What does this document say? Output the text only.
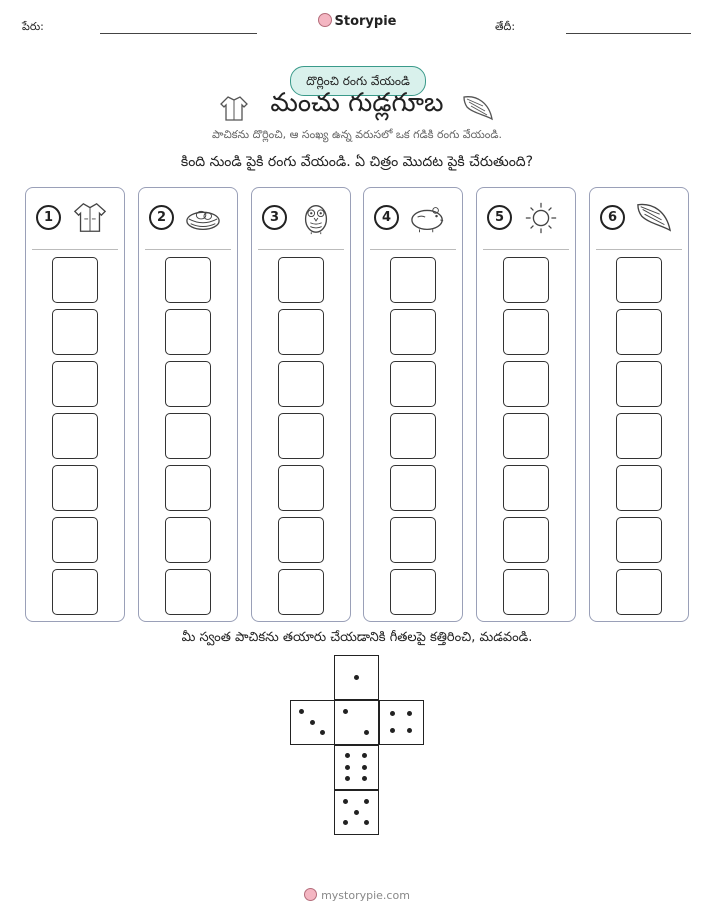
పేరు:	Storypie	తేదీ:
దొర్లించి రంగు వేయండి
మంచు గుడ్లగూబ
పాచికను దొర్లించి, ఆ సంఖ్య ఉన్న వరుసలో ఒక గడికి రంగు వేయండి.
కింది నుండి పైకి రంగు వేయండి. ఏ చిత్రం మొదట పైకి చేరుతుంది?
1	2	3	4	5	6
మీ స్వంత పాచికను తయారు చేయడానికి గీతలపై కత్తిరించి, మడవండి.
mystorypie.com
